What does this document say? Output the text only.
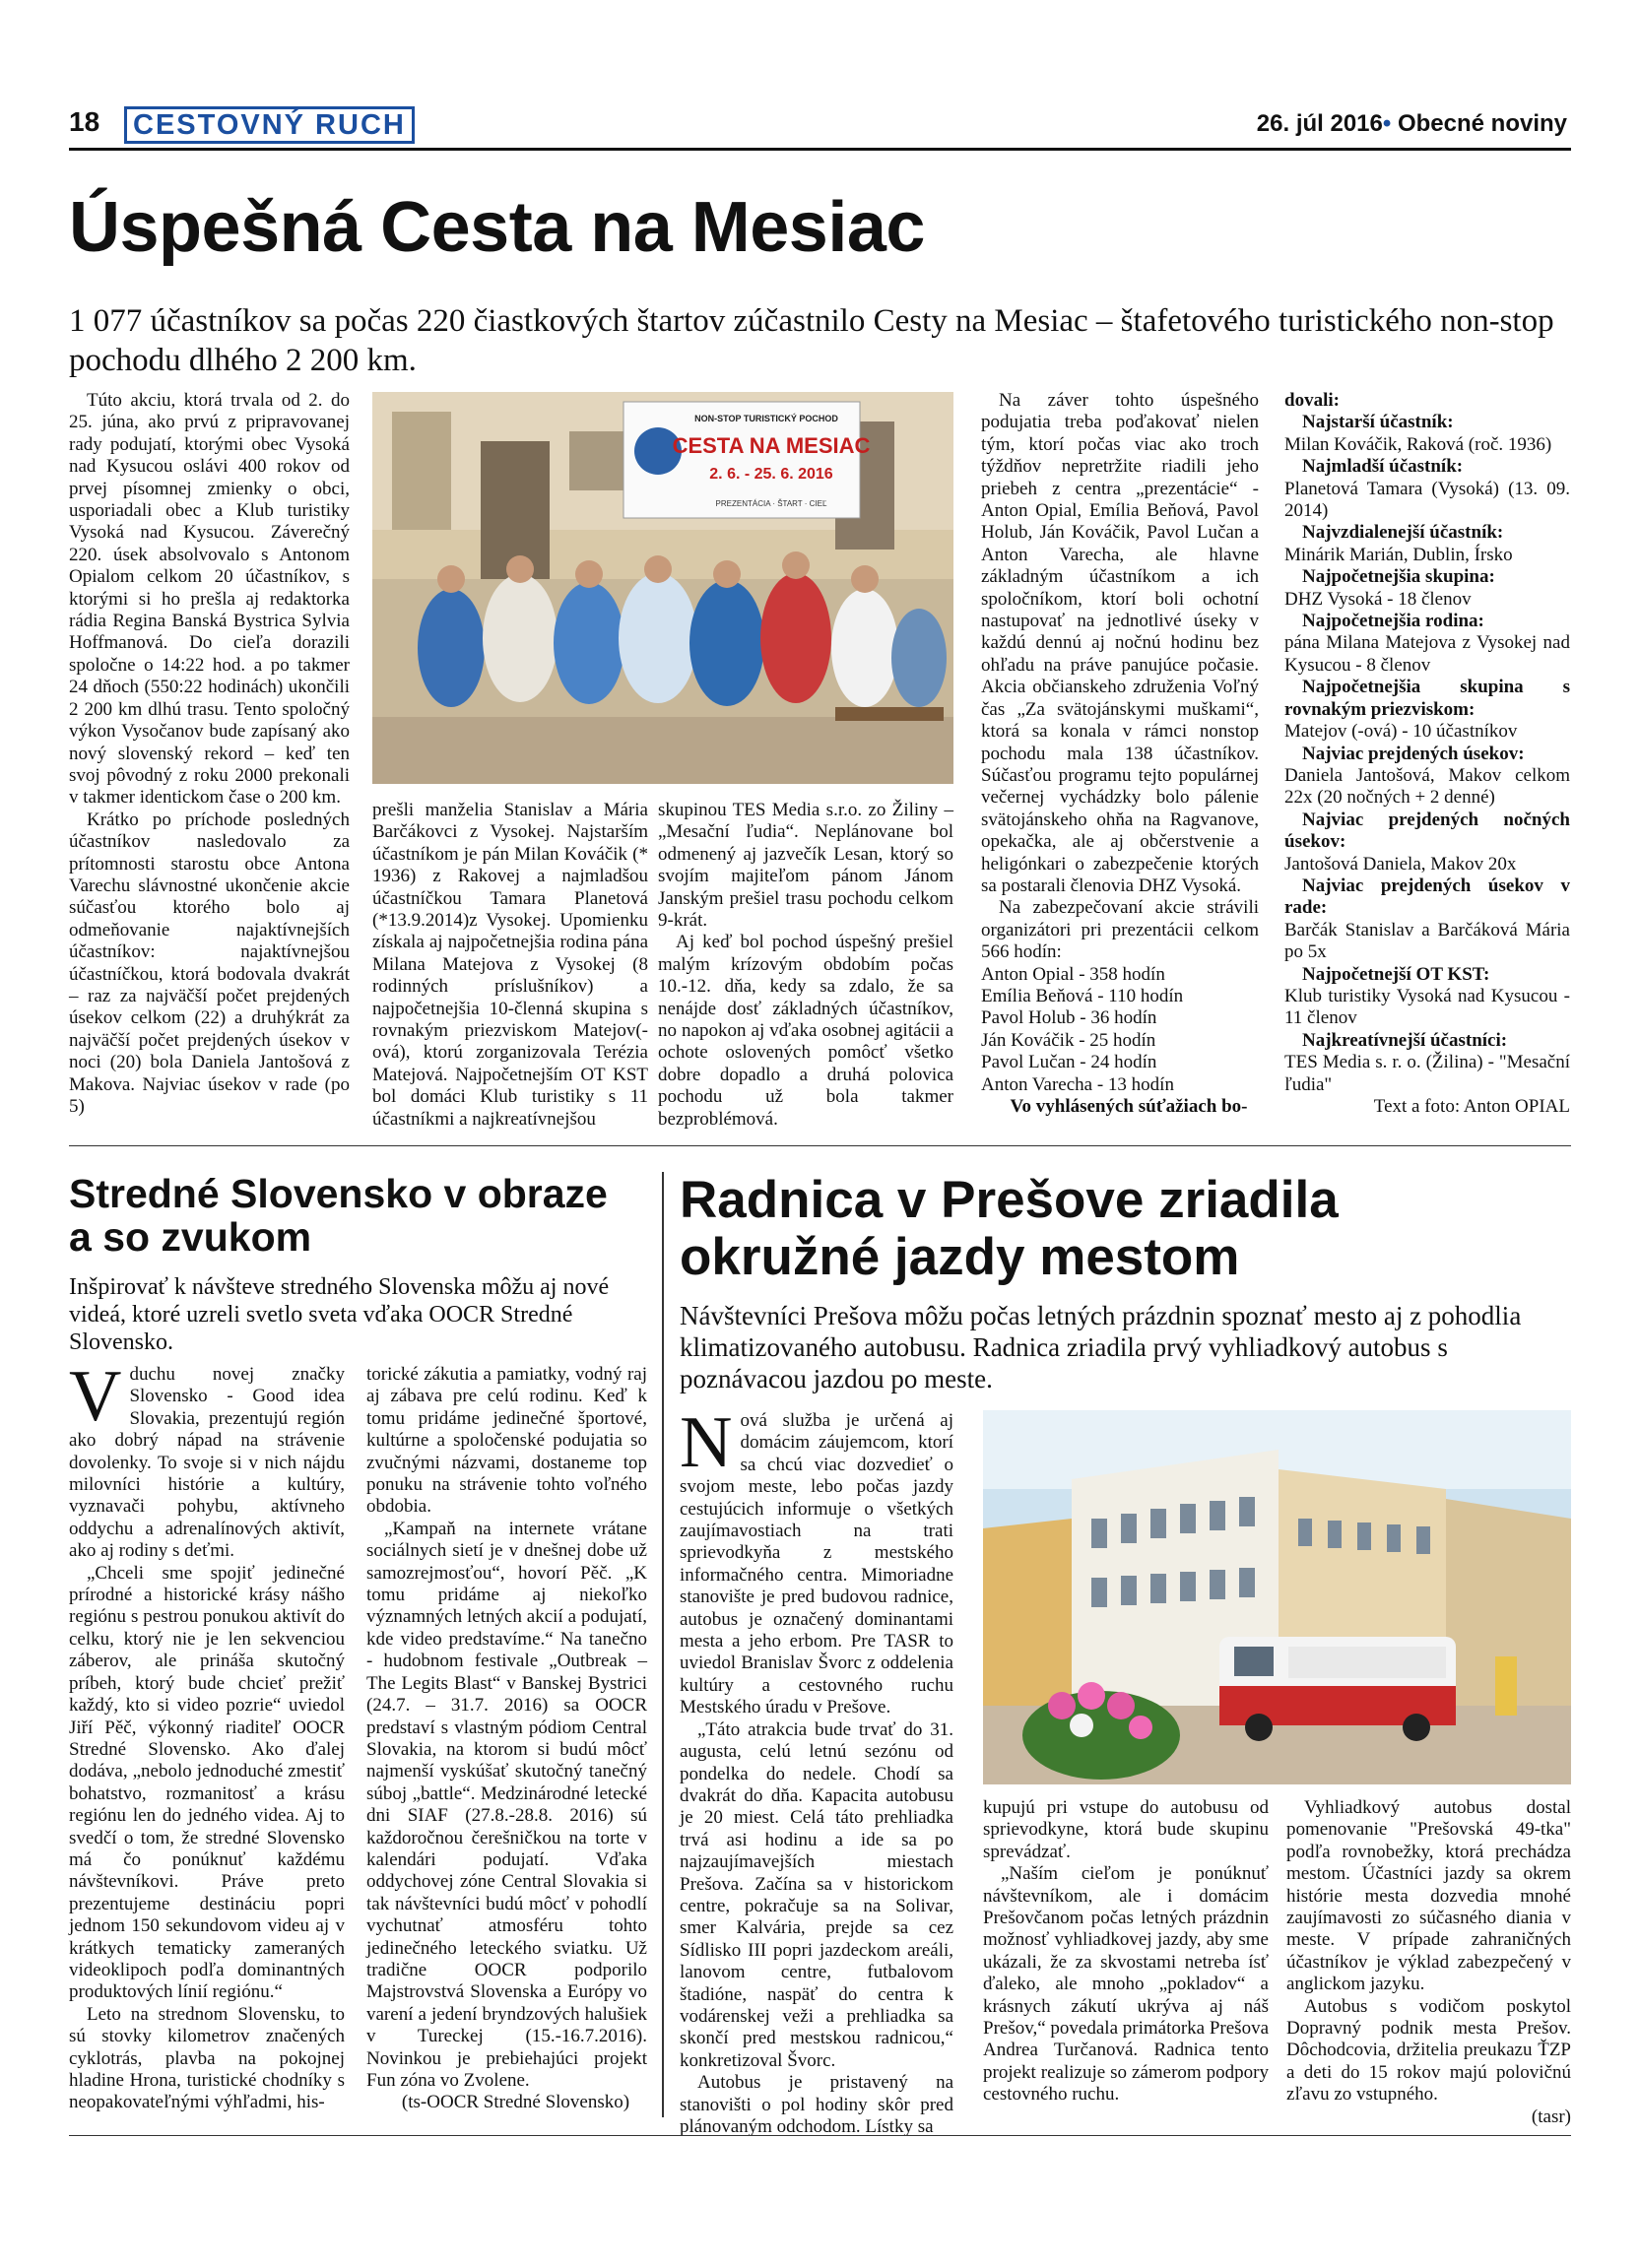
18	CESTOVNÝ RUCH	26. júl 2016• Obecné noviny
Úspešná Cesta na Mesiac
1 077 účastníkov sa počas 220 čiastkových štartov zúčastnilo Cesty na Mesiac – štafetového turistického non-stop pochodu dlhého 2 200 km.

Túto akciu, ktorá trvala od 2. do 25. júna, ako prvú z pripravovanej rady podujatí, ktorými obec Vysoká nad Kysucou oslávi 400 rokov od prvej písomnej zmienky o obci, usporiadali obec a Klub turistiky Vysoká nad Kysucou. Záverečný 220. úsek absolvovalo s Antonom Opialom celkom 20 účastníkov, s ktorými si ho prešla aj redaktorka rádia Regina Banská Bystrica Sylvia Hoffmanová. Do cieľa dorazili spoločne o 14:22 hod. a po takmer 24 dňoch (550:22 hodinách) ukončili 2 200 km dlhú trasu. Tento spoločný výkon Vysočanov bude zapísaný ako nový slovenský rekord – keď ten svoj pôvodný z roku 2000 prekonali v takmer identickom čase o 200 km.

Krátko po príchode posledných účastníkov nasledovalo za prítomnosti starostu obce Antona Varechu slávnostné ukončenie akcie súčasťou ktorého bolo aj odmeňovanie najaktívnejších účastníkov: najaktívnejšou účastníčkou, ktorá bodovala dvakrát – raz za najväčší počet prejdených úsekov celkom (22) a druhýkrát za najväčší počet prejdených úsekov v noci (20) bola Daniela Jantošová z Makova. Najviac úsekov v rade (po 5)

NON-STOP TURISTICKÝ POCHOD
CESTA NA MESIAC
2. 6. - 25. 6. 2016
PREZENTÁCIA · ŠTART · CIEĽ

prešli manželia Stanislav a Mária Barčákovci z Vysokej. Najstarším účastníkom je pán Milan Kováčik (* 1936) z Rakovej a najmladšou účastníčkou Tamara Planetová (*13.9.2014)z Vysokej. Upomienku získala aj najpočetnejšia rodina pána Milana Matejova z Vysokej (8 rodinných príslušníkov) a najpočetnejšia 10-členná skupina s rovnakým priezviskom Matejov(-ová), ktorú zorganizovala Terézia Matejová. Najpočetnejším OT KST bol domáci Klub turistiky s 11 účastníkmi a najkreatívnejšou

skupinou TES Media s.r.o. zo Žiliny – „Mesační ľudia“. Neplánovane bol odmenený aj jazvečík Lesan, ktorý so svojím majiteľom pánom Jánom Janským prešiel trasu pochodu celkom 9-krát.

Aj keď bol pochod úspešný prešiel malým krízovým obdobím počas 10.-12. dňa, kedy sa zdalo, že sa nenájde dosť základných účastníkov, no napokon aj vďaka osobnej agitácii a ochote oslovených pomôcť všetko dobre dopadlo a druhá polovica pochodu už bola takmer bezproblémová.

Na záver tohto úspešného podujatia treba poďakovať nielen tým, ktorí počas viac ako troch týždňov nepretržite riadili jeho priebeh z centra „prezentácie“ - Anton Opial, Emília Beňová, Pavol Holub, Ján Kováčik, Pavol Lučan a Anton Varecha, ale hlavne základným účastníkom a ich spoločníkom, ktorí boli ochotní nastupovať na jednotlivé úseky v každú dennú aj nočnú hodinu bez ohľadu na práve panujúce počasie. Akcia občianskeho združenia Voľný čas „Za svätojánskymi muškami“, ktorá sa konala v rámci nonstop pochodu mala 138 účastníkov. Súčasťou programu tejto populárnej večernej vychádzky bolo pálenie svätojánskeho ohňa na Ragvanove, opekačka, ale aj občerstvenie a heligónkari o zabezpečenie ktorých sa postarali členovia DHZ Vysoká.

Na zabezpečovaní akcie strávili organizátori pri prezentácii celkom 566 hodín:

Anton Opial - 358 hodín
Emília Beňová - 110 hodín
Pavol Holub - 36 hodín
Ján Kováčik - 25 hodín
Pavol Lučan - 24 hodín
Anton Varecha - 13 hodín

Vo vyhlásených súťažiach bo-

dovali:

Najstarší účastník:

Milan Kováčik, Raková (roč. 1936)

Najmladší účastník:

Planetová Tamara (Vysoká) (13. 09. 2014)

Najvzdialenejší účastník:

Minárik Marián, Dublin, Írsko

Najpočetnejšia skupina:

DHZ Vysoká - 18 členov

Najpočetnejšia rodina:

pána Milana Matejova z Vysokej nad Kysucou - 8 členov

Najpočetnejšia skupina s rovnakým priezviskom:

Matejov (-ová) - 10 účastníkov

Najviac prejdených úsekov:

Daniela Jantošová, Makov celkom 22x (20 nočných + 2 denné)

Najviac prejdených nočných úsekov:

Jantošová Daniela, Makov 20x

Najviac prejdených úsekov v rade:

Barčák Stanislav a Barčáková Mária po 5x

Najpočetnejší OT KST:

Klub turistiky Vysoká nad Kysucou - 11 členov

Najkreatívnejší účastníci:

TES Media s. r. o. (Žilina) - "Mesační ľudia"

Text a foto: Anton OPIAL

Stredné Slovensko v obraze
a so zvukom
Inšpirovať k návšteve stredného Slovenska môžu aj nové videá, ktoré uzreli svetlo sveta vďaka OOCR Stredné Slovensko.
V duchu novej značky Slovensko - Good idea Slovakia, prezentujú región ako dobrý nápad na strávenie dovolenky. To svoje si v nich nájdu milovníci histórie a kultúry, vyznavači pohybu, aktívneho oddychu a adrenalínových aktivít, ako aj rodiny s deťmi.

„Chceli sme spojiť jedinečné prírodné a historické krásy nášho regiónu s pestrou ponukou aktivít do celku, ktorý nie je len sekvenciou záberov, ale prináša skutočný príbeh, ktorý bude chcieť prežiť každý, kto si video pozrie“ uviedol Jiří Pěč, výkonný riaditeľ OOCR Stredné Slovensko. Ako ďalej dodáva, „nebolo jednoduché zmestiť bohatstvo, rozmanitosť a krásu regiónu len do jedného videa. Aj to svedčí o tom, že stredné Slovensko má čo ponúknuť každému návštevníkovi. Práve preto prezentujeme destináciu popri jednom 150 sekundovom videu aj v krátkych tematicky zameraných videoklipoch podľa dominantných produktových línií regiónu.“

Leto na strednom Slovensku, to sú stovky kilometrov značených cyklotrás, plavba na pokojnej hladine Hrona, turistické chodníky s neopakovateľnými výhľadmi, his-

torické zákutia a pamiatky, vodný raj aj zábava pre celú rodinu. Keď k tomu pridáme jedinečné športové, kultúrne a spoločenské podujatia so zvučnými názvami, dostaneme top ponuku na strávenie tohto voľného obdobia.

„Kampaň na internete vrátane sociálnych sietí je v dnešnej dobe už samozrejmosťou“, hovorí Pěč. „K tomu pridáme aj niekoľko významných letných akcií a podujatí, kde video predstavíme.“ Na tanečno - hudobnom festivale „Outbreak – The Legits Blast“ v Banskej Bystrici (24.7. – 31.7. 2016) sa OOCR predstaví s vlastným pódiom Central Slovakia, na ktorom si budú môcť najmenší vyskúšať skutočný tanečný súboj „battle“. Medzinárodné letecké dni SIAF (27.8.-28.8. 2016) sú každoročnou čerešničkou na torte v kalendári podujatí. Vďaka oddychovej zóne Central Slovakia si tak návštevníci budú môcť v pohodlí vychutnať atmosféru tohto jedinečného leteckého sviatku. Už tradične OOCR podporilo Majstrovstvá Slovenska a Európy vo varení a jedení bryndzových halušiek v Tureckej (15.-16.7.2016). Novinkou je prebiehajúci projekt Fun zóna vo Zvolene.

(ts-OOCR Stredné Slovensko)

Radnica v Prešove zriadila
okružné jazdy mestom
Návštevníci Prešova môžu počas letných prázdnin spoznať mesto aj z pohodlia klimatizovaného autobusu. Radnica zriadila prvý vyhliadkový autobus s poznávacou jazdou po meste.
N ová služba je určená aj domácim záujemcom, ktorí sa chcú viac dozvedieť o svojom meste, lebo počas jazdy cestujúcich informuje o všetkých zaujímavostiach na trati sprievodkyňa z mestského informačného centra. Mimoriadne stanovište je pred budovou radnice, autobus je označený dominantami mesta a jeho erbom. Pre TASR to uviedol Branislav Švorc z oddelenia kultúry a cestovného ruchu Mestského úradu v Prešove.

„Táto atrakcia bude trvať do 31. augusta, celú letnú sezónu od pondelka do nedele. Chodí sa dvakrát do dňa. Kapacita autobusu je 20 miest. Celá táto prehliadka trvá asi hodinu a ide sa po najzaujímavejších miestach Prešova. Začína sa v historickom centre, pokračuje sa na Solivar, smer Kalvária, prejde sa cez Sídlisko III popri jazdeckom areáli, lanovom centre, futbalovom štadióne, naspäť do centra k vodárenskej veži a prehliadka sa skončí pred mestskou radnicou,“ konkretizoval Švorc.

Autobus je pristavený na stanovišti o pol hodiny skôr pred plánovaným odchodom. Lístky sa

kupujú pri vstupe do autobusu od sprievodkyne, ktorá bude skupinu sprevádzať.

„Naším cieľom je ponúknuť návštevníkom, ale i domácim Prešovčanom počas letných prázdnin možnosť vyhliadkovej jazdy, aby sme ukázali, že za skvostami netreba ísť ďaleko, ale mnoho „pokladov“ a krásnych zákutí ukrýva aj náš Prešov,“ povedala primátorka Prešova Andrea Turčanová. Radnica tento projekt realizuje so zámerom podpory cestovného ruchu.

Vyhliadkový autobus dostal pomenovanie "Prešovská 49-tka" podľa rovnobežky, ktorá prechádza mestom. Účastníci jazdy sa okrem histórie mesta dozvedia mnohé zaujímavosti zo súčasného diania v meste. V prípade zahraničných účastníkov je výklad zabezpečený v anglickom jazyku.

Autobus s vodičom poskytol Dopravný podnik mesta Prešov. Dôchodcovia, držitelia preukazu ŤZP a deti do 15 rokov majú polovičnú zľavu zo vstupného.

(tasr)
